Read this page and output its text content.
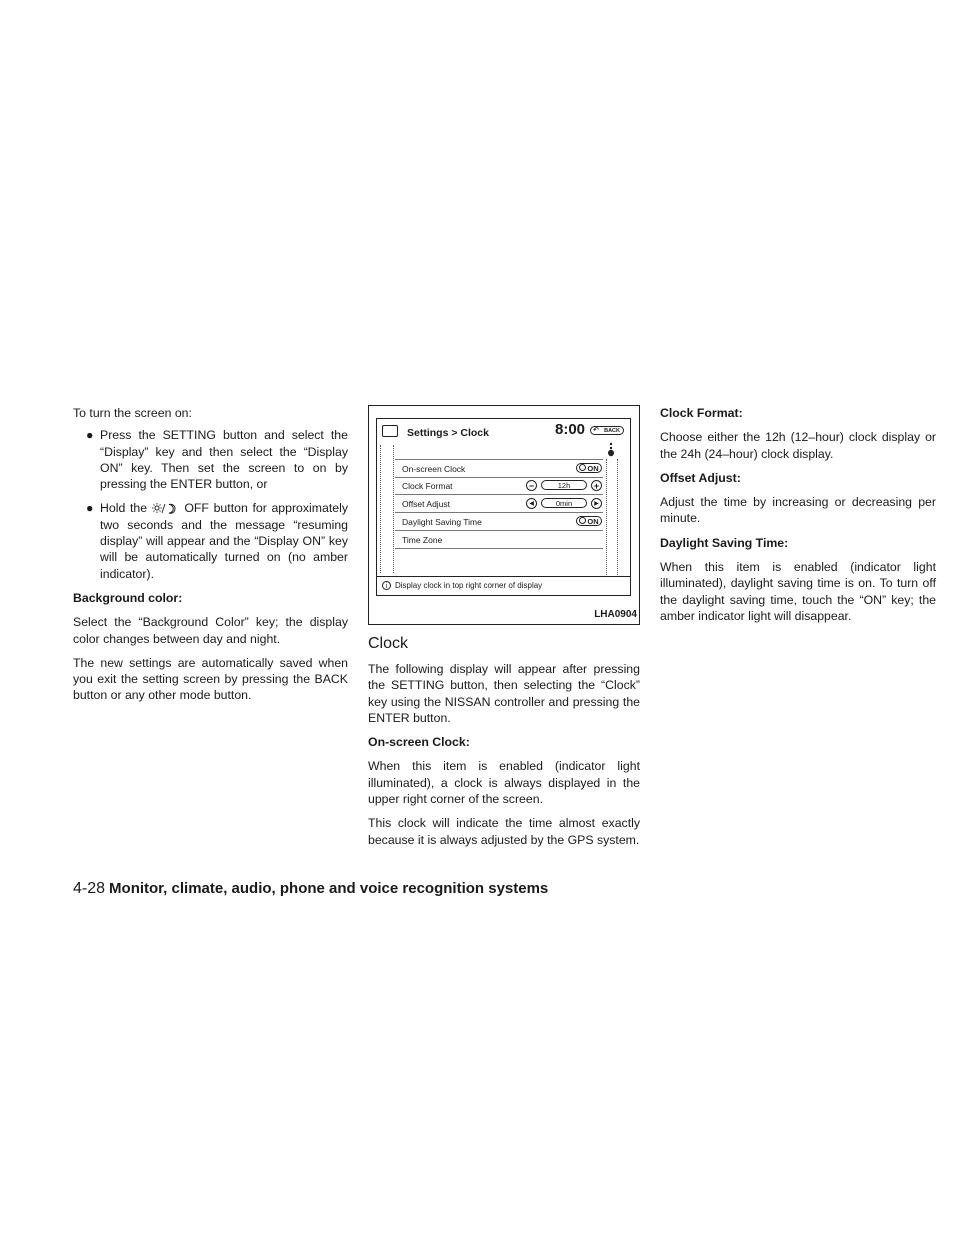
To turn the screen on:

● Press the SETTING button and select the “Display” key and then select the “Display ON” key. Then set the screen to on by pressing the ENTER button, or
● Hold the	OFF button for approximately two seconds and the message “resuming display” will appear and the “Display ON” key will be automatically turned on (no amber indicator).

Background color:

Select the “Background Color” key; the display color changes between day and night.

The new settings are automatically saved when you exit the setting screen by pressing the BACK button or any other mode button.

Settings > Clock	8:00 ↶ BACK
On-screen Clock	ON
Clock Format	−	12h	+
Offset Adjust	◀	0min	▶
Daylight Saving Time	ON
Time Zone
i Display clock in top right corner of display
LHA0904
Clock

The following display will appear after pressing the SETTING button, then selecting the “Clock” key using the NISSAN controller and pressing the ENTER button.

On-screen Clock:

When this item is enabled (indicator light illuminated), a clock is always displayed in the upper right corner of the screen.

This clock will indicate the time almost exactly because it is always adjusted by the GPS system.

Clock Format:

Choose either the 12h (12–hour) clock display or the 24h (24–hour) clock display.

Offset Adjust:

Adjust the time by increasing or decreasing per minute.

Daylight Saving Time:

When this item is enabled (indicator light illuminated), daylight saving time is on. To turn off the daylight saving time, touch the “ON” key; the amber indicator light will disappear.

4-28 Monitor, climate, audio, phone and voice recognition systems
